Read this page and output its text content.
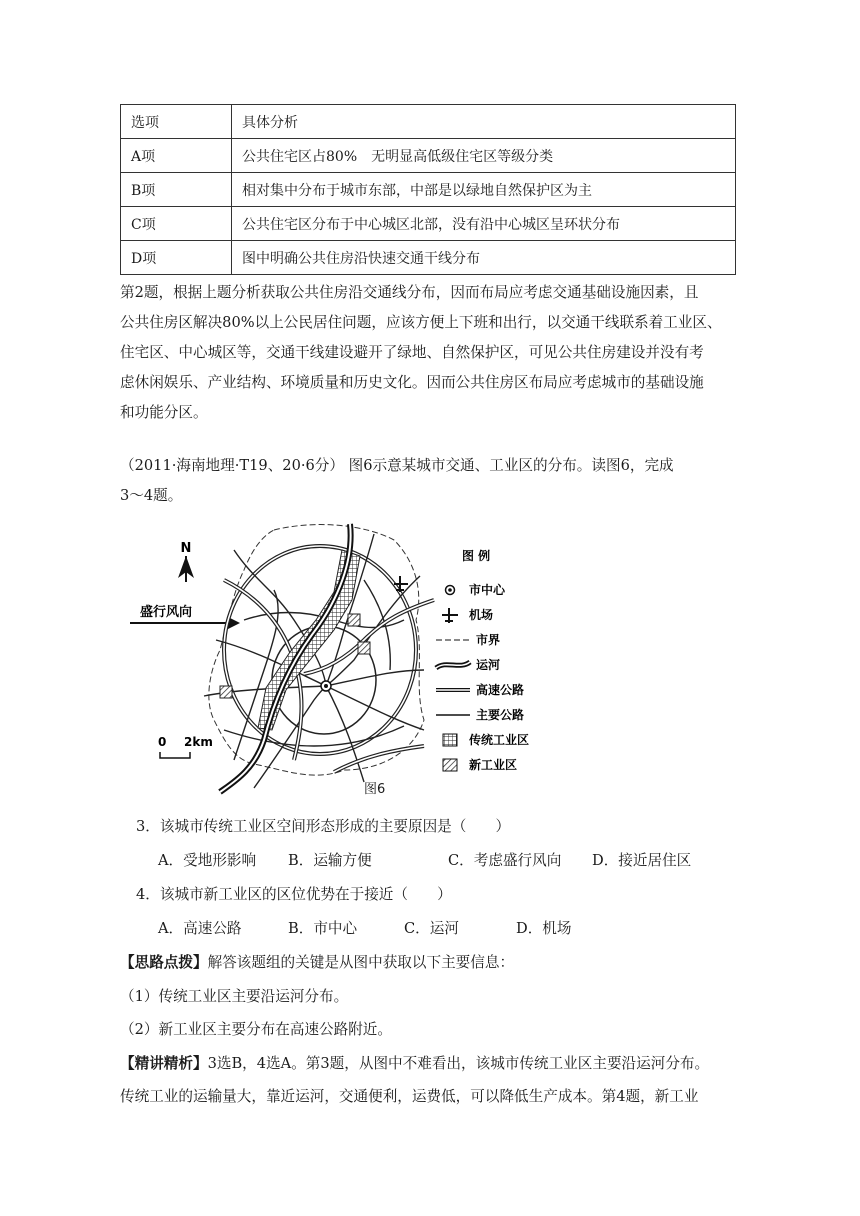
选项	具体分析
A项	公共住宅区占80%　无明显高低级住宅区等级分类
B项	相对集中分布于城市东部，中部是以绿地自然保护区为主
C项	公共住宅区分布于中心城区北部，没有沿中心城区呈环状分布
D项	图中明确公共住房沿快速交通干线分布

第2题，根据上题分析获取公共住房沿交通线分布，因而布局应考虑交通基础设施因素，且
公共住房区解决80%以上公民居住问题，应该方便上下班和出行，以交通干线联系着工业区、
住宅区、中心城区等，交通干线建设避开了绿地、自然保护区，可见公共住房建设并没有考
虑休闲娱乐、产业结构、环境质量和历史文化。因而公共住房区布局应考虑城市的基础设施
和功能分区。

（2011·海南地理·T19、20·6分） 图6示意某城市交通、工业区的分布。读图6，完成
3～4题。

N
盛行风向
0 2km
图 例
市中心
机场
市界
运河
高速公路
主要公路
传统工业区
新工业区
图6
3．该城市传统工业区空间形态形成的主要原因是（　　）
A．受地形影响 B．运输方便	C．考虑盛行风向 D．接近居住区
4．该城市新工业区的区位优势在于接近（　　）
A．高速公路	B．市中心	C．运河	D．机场
【思路点拨】解答该题组的关键是从图中获取以下主要信息：
（1）传统工业区主要沿运河分布。
（2）新工业区主要分布在高速公路附近。
【精讲精析】3选B，4选A。第3题，从图中不难看出，该城市传统工业区主要沿运河分布。
传统工业的运输量大，靠近运河，交通便利，运费低，可以降低生产成本。第4题，新工业
